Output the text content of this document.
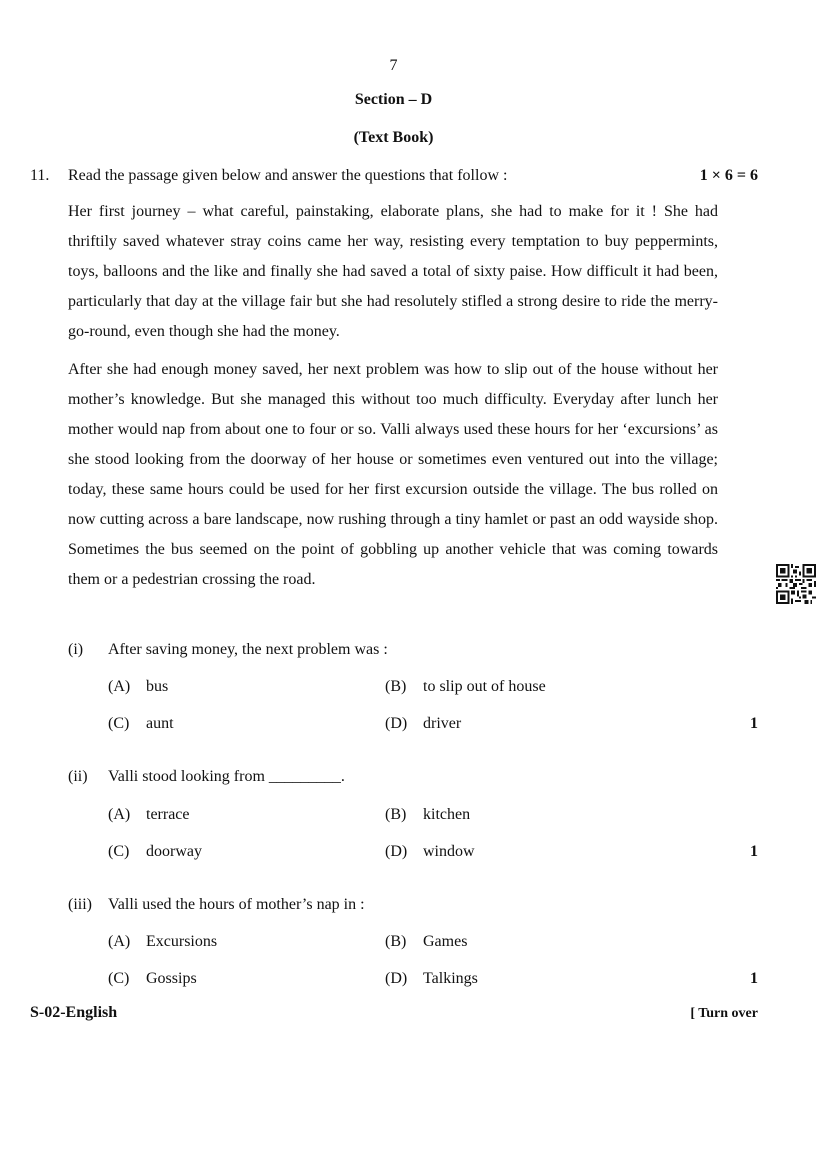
7
Section – D
(Text Book)
11. Read the passage given below and answer the questions that follow :	1 × 6 = 6

Her first journey – what careful, painstaking, elaborate plans, she had to make for it ! She had thriftily saved whatever stray coins came her way, resisting every temptation to buy peppermints, toys, balloons and the like and finally she had saved a total of sixty paise. How difficult it had been, particularly that day at the village fair but she had resolutely stifled a strong desire to ride the merry-go-round, even though she had the money.

After she had enough money saved, her next problem was how to slip out of the house without her mother’s knowledge. But she managed this without too much difficulty. Everyday after lunch her mother would nap from about one to four or so. Valli always used these hours for her ‘excursions’ as she stood looking from the doorway of her house or sometimes even ventured out into the village; today, these same hours could be used for her first excursion outside the village. The bus rolled on now cutting across a bare landscape, now rushing through a tiny hamlet or past an odd wayside shop. Sometimes the bus seemed on the point of gobbling up another vehicle that was coming towards them or a pedestrian crossing the road.

(i) After saving money, the next problem was :
(A) bus	(B) to slip out of house
(C) aunt	(D) driver	1
(ii) Valli stood looking from _________.
(A) terrace	(B) kitchen
(C) doorway	(D) window	1
(iii) Valli used the hours of mother’s nap in :
(A) Excursions	(B) Games
(C) Gossips	(D) Talkings	1
S-02-English	[ Turn over
